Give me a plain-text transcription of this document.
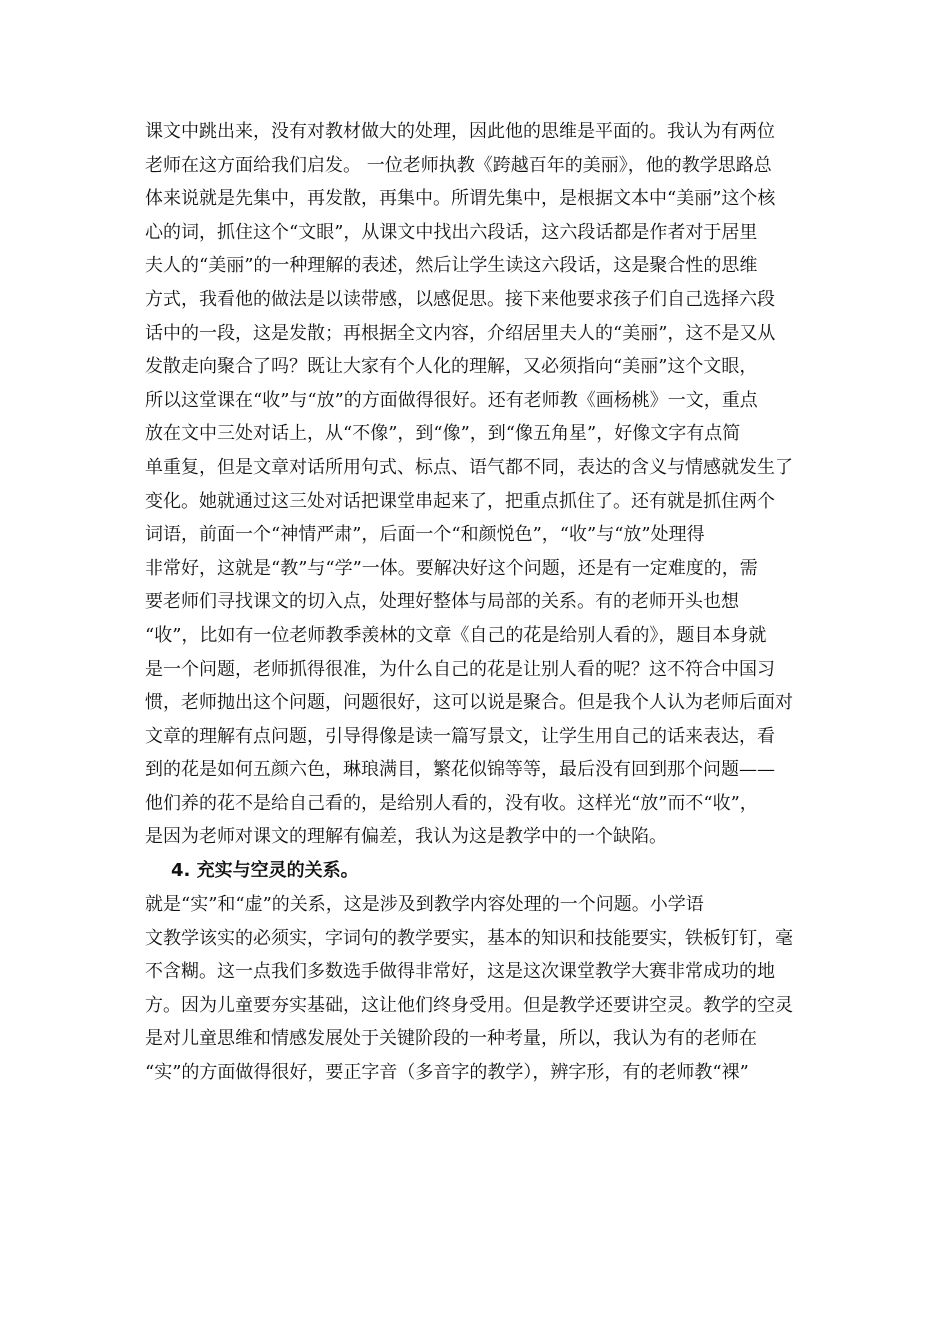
课文中跳出来，没有对教材做大的处理，因此他的思维是平面的。我认为有两位
老师在这方面给我们启发。 一位老师执教《跨越百年的美丽》，他的教学思路总
体来说就是先集中，再发散，再集中。所谓先集中，是根据文本中“美丽”这个核
心的词，抓住这个“文眼”，从课文中找出六段话，这六段话都是作者对于居里
夫人的“美丽”的一种理解的表述，然后让学生读这六段话，这是聚合性的思维
方式，我看他的做法是以读带感，以感促思。接下来他要求孩子们自己选择六段
话中的一段，这是发散；再根据全文内容，介绍居里夫人的“美丽”，这不是又从
发散走向聚合了吗？既让大家有个人化的理解，又必须指向“美丽”这个文眼，
所以这堂课在“收”与“放”的方面做得很好。还有老师教《画杨桃》一文，重点
放在文中三处对话上，从“不像”，到“像”，到“像五角星”，好像文字有点简
单重复，但是文章对话所用句式、标点、语气都不同，表达的含义与情感就发生了
变化。她就通过这三处对话把课堂串起来了，把重点抓住了。还有就是抓住两个
词语，前面一个“神情严肃”，后面一个“和颜悦色”，“收”与“放”处理得
非常好，这就是“教”与“学”一体。要解决好这个问题，还是有一定难度的，需
要老师们寻找课文的切入点，处理好整体与局部的关系。有的老师开头也想
“收”，比如有一位老师教季羡林的文章《自己的花是给别人看的》，题目本身就
是一个问题，老师抓得很准，为什么自己的花是让别人看的呢？这不符合中国习
惯，老师抛出这个问题，问题很好，这可以说是聚合。但是我个人认为老师后面对
文章的理解有点问题，引导得像是读一篇写景文，让学生用自己的话来表达，看
到的花是如何五颜六色，琳琅满目，繁花似锦等等，最后没有回到那个问题——
他们养的花不是给自己看的，是给别人看的，没有收。这样光“放”而不“收”，
是因为老师对课文的理解有偏差，我认为这是教学中的一个缺陷。
4. 充实与空灵的关系。
就是“实”和“虚”的关系，这是涉及到教学内容处理的一个问题。小学语
文教学该实的必须实，字词句的教学要实，基本的知识和技能要实，铁板钉钉，毫
不含糊。这一点我们多数选手做得非常好，这是这次课堂教学大赛非常成功的地
方。因为儿童要夯实基础，这让他们终身受用。但是教学还要讲空灵。教学的空灵
是对儿童思维和情感发展处于关键阶段的一种考量，所以，我认为有的老师在
“实”的方面做得很好，要正字音（多音字的教学），辨字形，有的老师教“裸”
